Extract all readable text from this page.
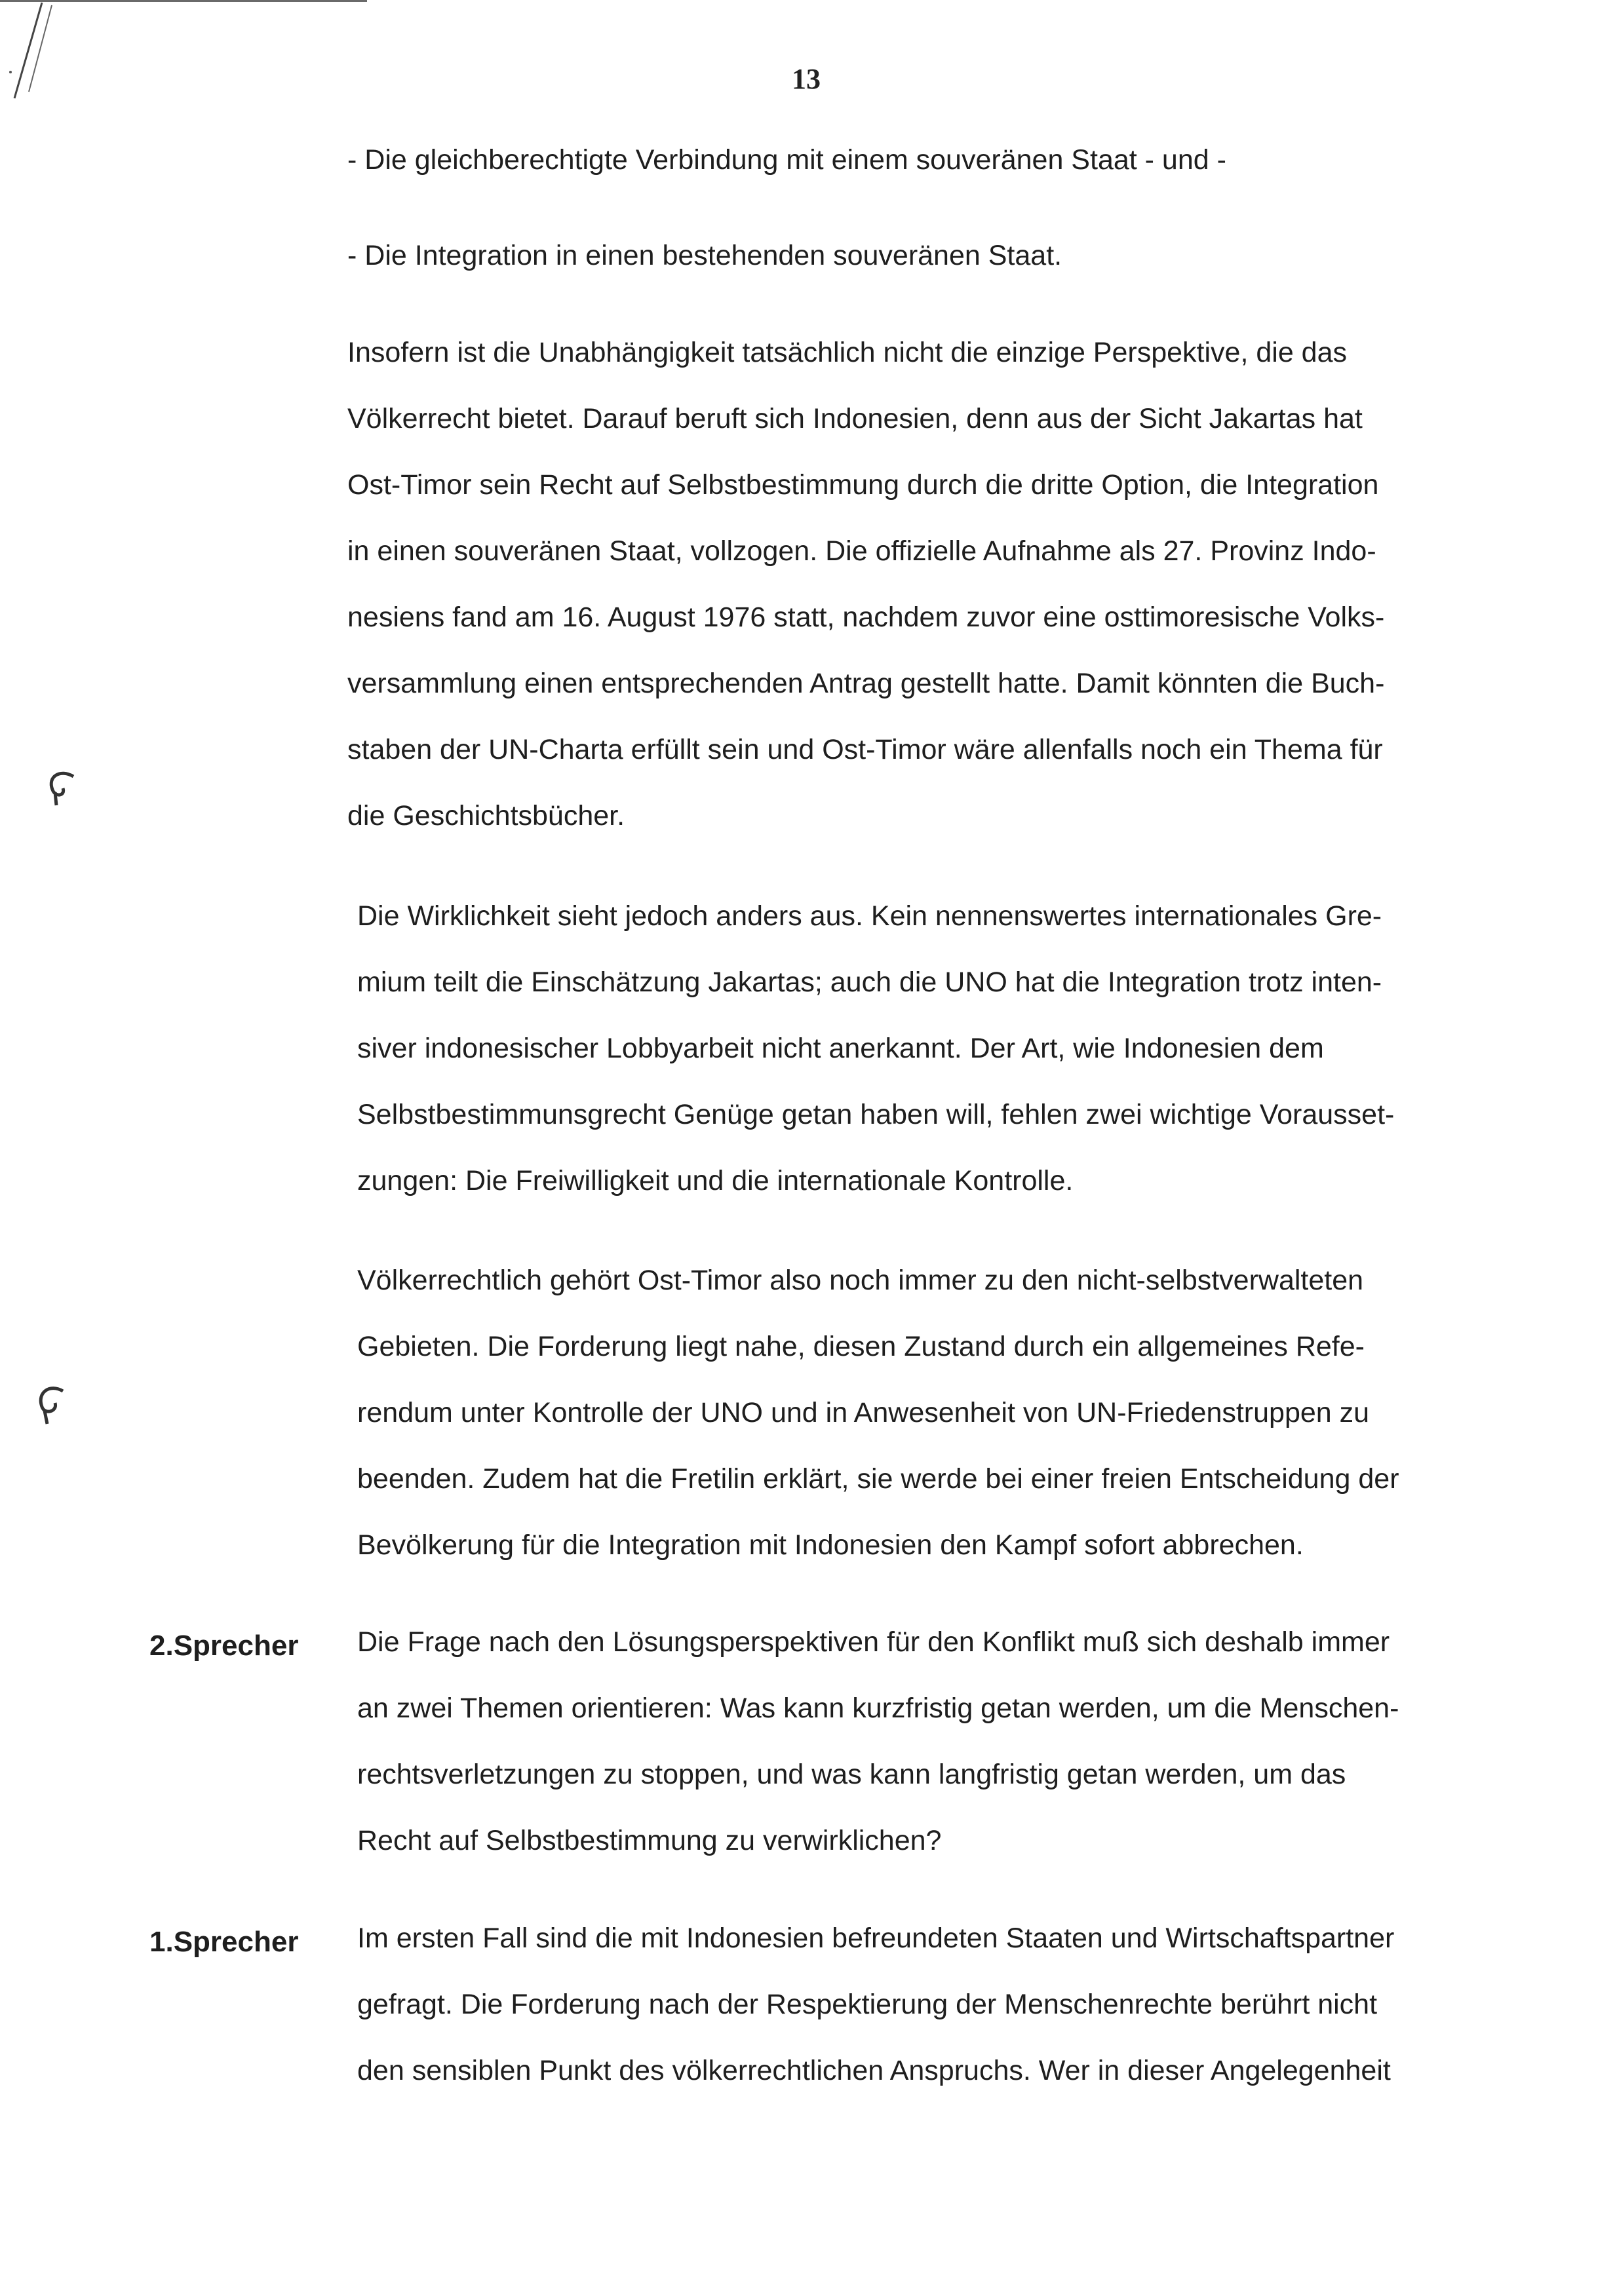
13

- Die gleichberechtigte Verbindung mit einem souveränen Staat - und -

- Die Integration in einen bestehenden souveränen Staat.

Insofern ist die Unabhängigkeit tatsächlich nicht die einzige Perspektive, die das

Völkerrecht bietet. Darauf beruft sich Indonesien, denn aus der Sicht Jakartas hat

Ost-Timor sein Recht auf Selbstbestimmung durch die dritte Option, die Integration

in einen souveränen Staat, vollzogen. Die offizielle Aufnahme als 27. Provinz Indo-

nesiens fand am 16. August 1976 statt, nachdem zuvor eine osttimoresische Volks-

versammlung einen entsprechenden Antrag gestellt hatte. Damit könnten die Buch-

staben der UN-Charta erfüllt sein und Ost-Timor wäre allenfalls noch ein Thema für

die Geschichtsbücher.

Die Wirklichkeit sieht jedoch anders aus. Kein nennenswertes internationales Gre-

mium teilt die Einschätzung Jakartas; auch die UNO hat die Integration trotz inten-

siver indonesischer Lobbyarbeit nicht anerkannt. Der Art, wie Indonesien dem

Selbstbestimmunsgrecht Genüge getan haben will, fehlen zwei wichtige Vorausset-

zungen: Die Freiwilligkeit und die internationale Kontrolle.

Völkerrechtlich gehört Ost-Timor also noch immer zu den nicht-selbstverwalteten

Gebieten. Die Forderung liegt nahe, diesen Zustand durch ein allgemeines Refe-

rendum unter Kontrolle der UNO und in Anwesenheit von UN-Friedenstruppen zu

beenden. Zudem hat die Fretilin erklärt, sie werde bei einer freien Entscheidung der

Bevölkerung für die Integration mit Indonesien den Kampf sofort abbrechen.

2.Sprecher	Die Frage nach den Lösungsperspektiven für den Konflikt muß sich deshalb immer

an zwei Themen orientieren: Was kann kurzfristig getan werden, um die Menschen-

rechtsverletzungen zu stoppen, und was kann langfristig getan werden, um das

Recht auf Selbstbestimmung zu verwirklichen?

1.Sprecher	Im ersten Fall sind die mit Indonesien befreundeten Staaten und Wirtschaftspartner

gefragt. Die Forderung nach der Respektierung der Menschenrechte berührt nicht

den sensiblen Punkt des völkerrechtlichen Anspruchs. Wer in dieser Angelegenheit
